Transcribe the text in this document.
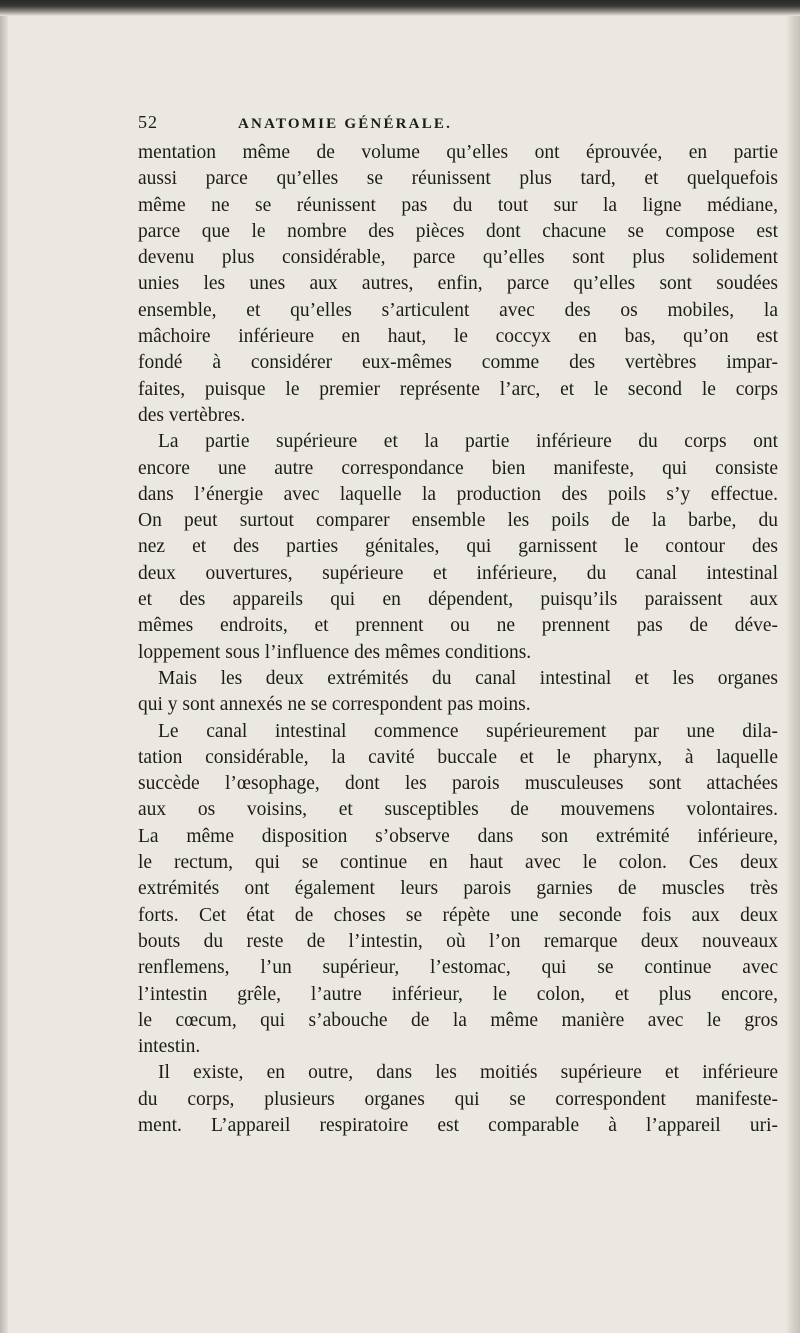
52	ANATOMIE GÉNÉRALE.
mentation même de volume qu’elles ont éprouvée, en partie
aussi parce qu’elles se réunissent plus tard, et quelquefois
même ne se réunissent pas du tout sur la ligne médiane,
parce que le nombre des pièces dont chacune se compose est
devenu plus considérable, parce qu’elles sont plus solidement
unies les unes aux autres, enfin, parce qu’elles sont soudées
ensemble, et qu’elles s’articulent avec des os mobiles, la
mâchoire inférieure en haut, le coccyx en bas, qu’on est
fondé à considérer eux-mêmes comme des vertèbres impar-
faites, puisque le premier représente l’arc, et le second le corps
des vertèbres.
La partie supérieure et la partie inférieure du corps ont
encore une autre correspondance bien manifeste, qui consiste
dans l’énergie avec laquelle la production des poils s’y effectue.
On peut surtout comparer ensemble les poils de la barbe, du
nez et des parties génitales, qui garnissent le contour des
deux ouvertures, supérieure et inférieure, du canal intestinal
et des appareils qui en dépendent, puisqu’ils paraissent aux
mêmes endroits, et prennent ou ne prennent pas de déve-
loppement sous l’influence des mêmes conditions.
Mais les deux extrémités du canal intestinal et les organes
qui y sont annexés ne se correspondent pas moins.
Le canal intestinal commence supérieurement par une dila-
tation considérable, la cavité buccale et le pharynx, à laquelle
succède l’œsophage, dont les parois musculeuses sont attachées
aux os voisins, et susceptibles de mouvemens volontaires.
La même disposition s’observe dans son extrémité inférieure,
le rectum, qui se continue en haut avec le colon. Ces deux
extrémités ont également leurs parois garnies de muscles très
forts. Cet état de choses se répète une seconde fois aux deux
bouts du reste de l’intestin, où l’on remarque deux nouveaux
renflemens, l’un supérieur, l’estomac, qui se continue avec
l’intestin grêle, l’autre inférieur, le colon, et plus encore,
le cœcum, qui s’abouche de la même manière avec le gros
intestin.
Il existe, en outre, dans les moitiés supérieure et inférieure
du corps, plusieurs organes qui se correspondent manifeste-
ment. L’appareil respiratoire est comparable à l’appareil uri-
